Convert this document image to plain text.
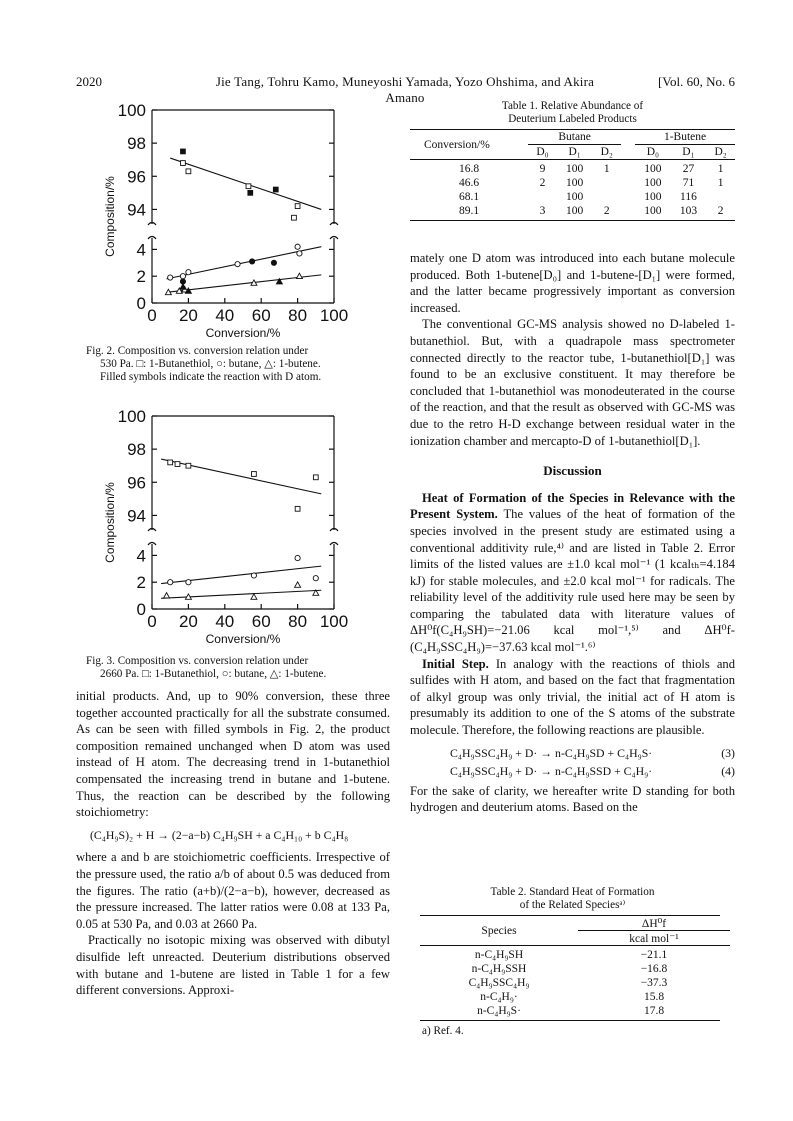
2020	Jie Tang, Tohru Kamo, Muneyoshi Yamada, Yozo Ohshima, and Akira Amano
[Vol. 60, No. 6
0 20 40 60 80 100
94
96
98
100
0
2
4
Conversion/%
Composition/%
Fig. 2. Composition vs. conversion relation under
530 Pa. □: 1-Butanethiol, ○: butane, △: 1-butene.
Filled symbols indicate the reaction with D atom.
0 20 40 60 80 100
94
96
98
100
0
2
4
Conversion/%
Composition/%
Fig. 3. Composition vs. conversion relation under
2660 Pa. □: 1-Butanethiol, ○: butane, △: 1-butene.

initial products. And, up to 90% conversion, these three together accounted practically for all the substrate consumed. As can be seen with filled symbols in Fig. 2, the product composition remained unchanged when D atom was used instead of H atom. The decreasing trend in 1-butanethiol compensated the increasing trend in butane and 1-butene. Thus, the reaction can be described by the following stoichiometry:

(C₄H₉S)₂ + H → (2−a−b) C₄H₉SH + a C₄H₁₀ + b C₄H₈

where a and b are stoichiometric coefficients. Irrespective of the pressure used, the ratio a/b of about 0.5 was deduced from the figures. The ratio (a+b)/(2−a−b), however, decreased as the pressure increased. The latter ratios were 0.08 at 133 Pa, 0.05 at 530 Pa, and 0.03 at 2660 Pa.

Practically no isotopic mixing was observed with dibutyl disulfide left unreacted. Deuterium distributions observed with butane and 1-butene are listed in Table 1 for a few different conversions. Approxi-

Table 1. Relative Abundance of
Deuterium Labeled Products
Conversion/%	Butane				1-Butene		
	D₀	D₁	D₂		D₀	D₁	D₂

16.8	9	100	1		100	27	1
46.6	2	100			100	71	1
68.1		100			100	116	
89.1	3	100	2		100	103	2

mately one D atom was introduced into each butane molecule produced. Both 1-butene[D₀] and 1-butene-[D₁] were formed, and the latter became progressively important as conversion increased.

The conventional GC-MS analysis showed no D-labeled 1-butanethiol. But, with a quadrapole mass spectrometer connected directly to the reactor tube, 1-butanethiol[D₁] was found to be an exclusive constituent. It may therefore be concluded that 1-butanethiol was monodeuterated in the course of the reaction, and that the result as observed with GC-MS was due to the retro H-D exchange between residual water in the ionization chamber and mercapto-D of 1-butanethiol[D₁].

Discussion

Heat of Formation of the Species in Relevance with the Present System. The values of the heat of formation of the species involved in the present study are estimated using a conventional additivity rule,⁴⁾ and are listed in Table 2. Error limits of the listed values are ±1.0 kcal mol⁻¹ (1 kcalₜₕ=4.184 kJ) for stable molecules, and ±2.0 kcal mol⁻¹ for radicals. The reliability level of the additivity rule used here may be seen by comparing the tabulated data with literature values of ΔH⁰f(C₄H₉SH)=−21.06 kcal mol⁻¹,⁵⁾ and ΔH⁰f-(C₄H₉SSC₄H₉)=−37.63 kcal mol⁻¹.⁶⁾

Initial Step. In analogy with the reactions of thiols and sulfides with H atom, and based on the fact that fragmentation of alkyl group was only trivial, the initial act of H atom is presumably its addition to one of the S atoms of the substrate molecule. Therefore, the following reactions are plausible.

C₄H₉SSC₄H₉ + D· → n-C₄H₉SD + C₄H₉S·	(3)
C₄H₉SSC₄H₉ + D· → n-C₄H₉SSD + C₄H₉·	(4)

For the sake of clarity, we hereafter write D standing for both hydrogen and deuterium atoms. Based on the

Table 2. Standard Heat of Formation
of the Related Speciesᵃ⁾
Species	ΔH⁰f
	kcal mol⁻¹

n-C₄H₉SH	−21.1
n-C₄H₉SSH	−16.8
C₄H₉SSC₄H₉	−37.3
n-C₄H₉·	15.8
n-C₄H₉S·	17.8
a) Ref. 4.
